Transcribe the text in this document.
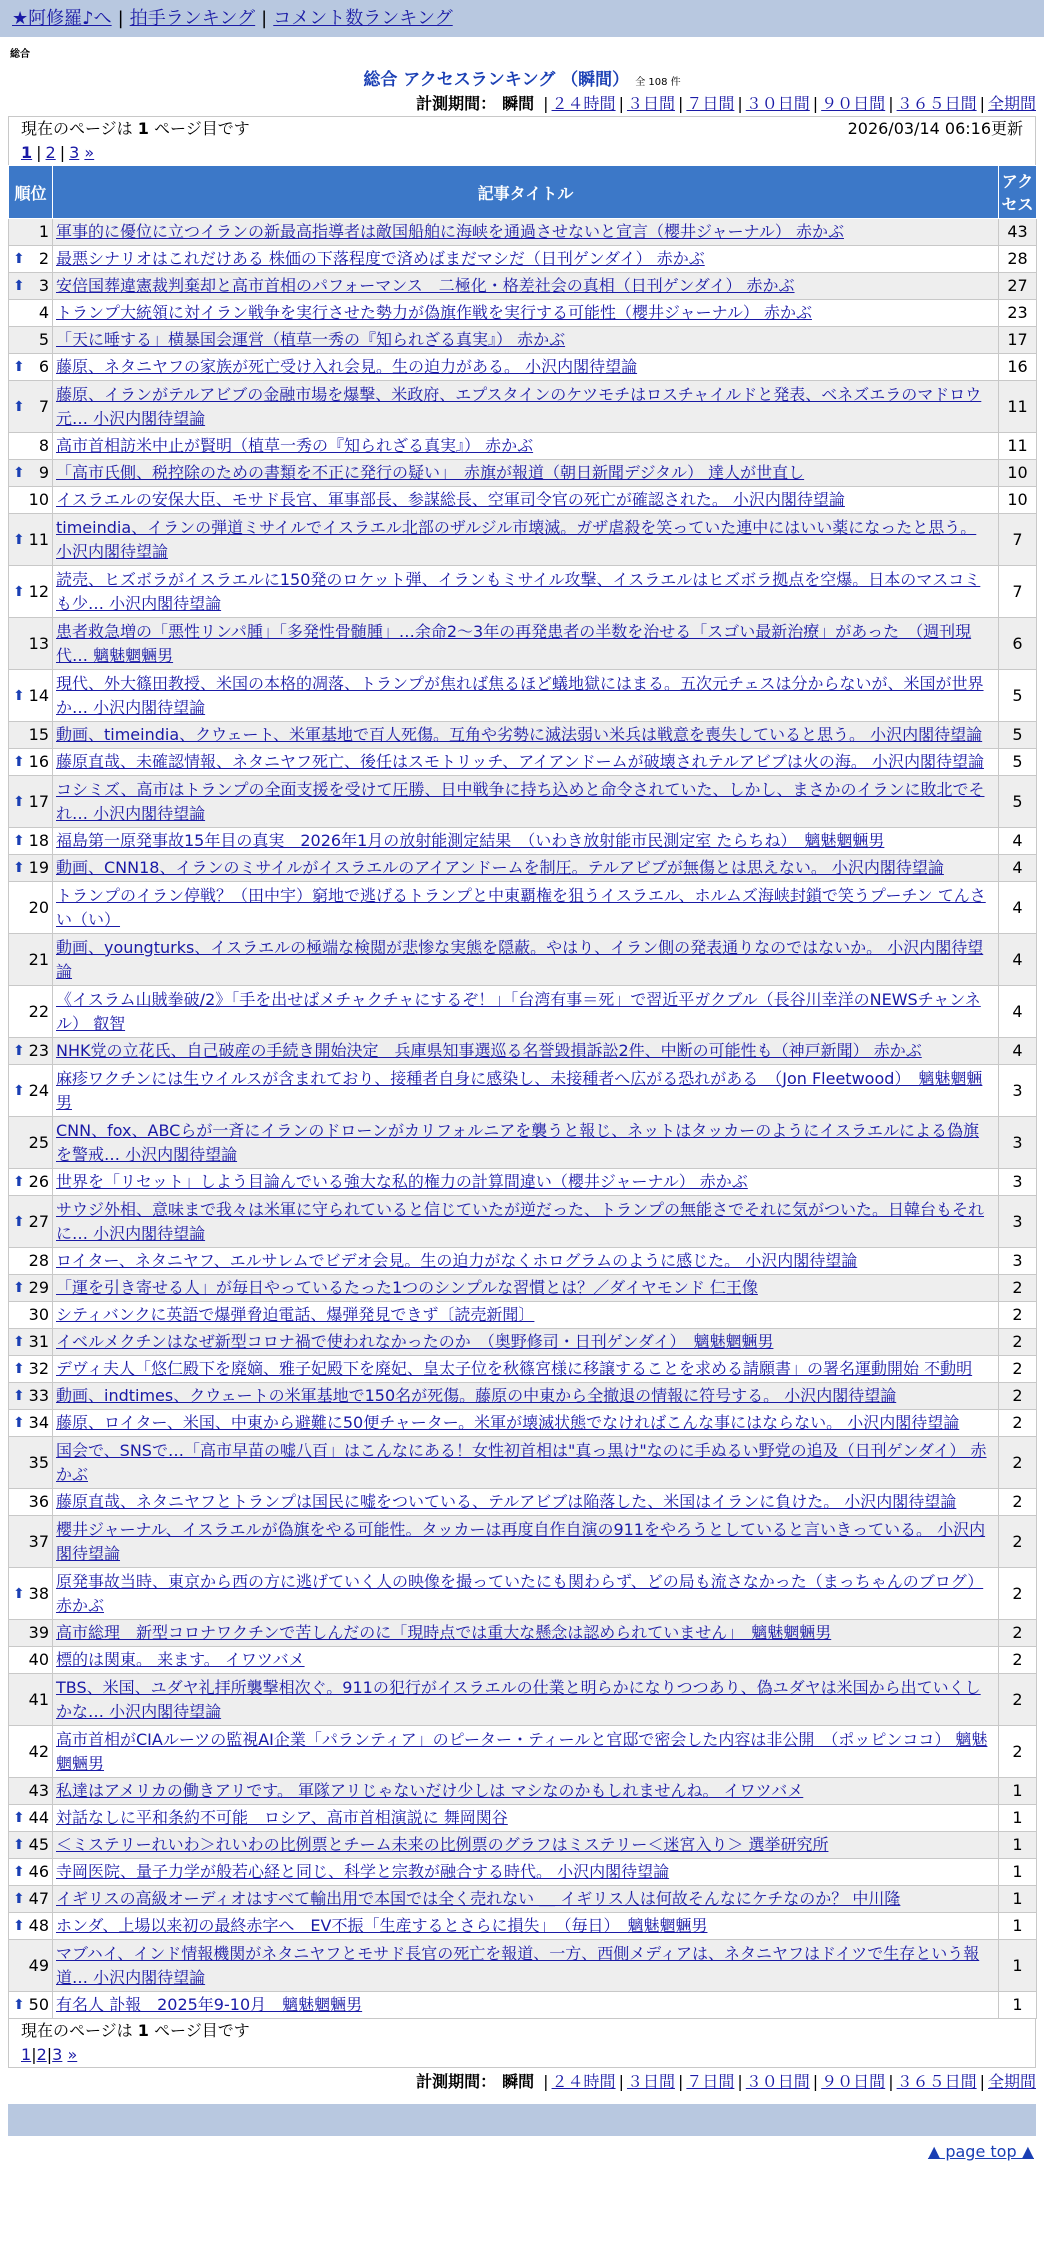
★阿修羅♪へ | 拍手ランキング | コメント数ランキング
総合
総合 アクセスランキング （瞬間） 全 108 件
計測期間： 瞬間 | ２４時間 | ３日間 | ７日間 | ３０日間 | ９０日間 | ３６５日間 | 全期間
現在のページは 1 ページ目です	2026/03/14 06:16更新
1 | 2 | 3 »
順位	記事タイトル	アクセス
1	軍事的に優位に立つイランの新最高指導者は敵国船舶に海峡を通過させないと宣言（櫻井ジャーナル） 赤かぶ	43

⬆ 2	最悪シナリオはこれだけある 株価の下落程度で済めばまだマシだ（日刊ゲンダイ） 赤かぶ	28

⬆ 3	安倍国葬違憲裁判棄却と高市首相のパフォーマンス　二極化・格差社会の真相（日刊ゲンダイ） 赤かぶ	27
4	トランプ大統領に対イラン戦争を実行させた勢力が偽旗作戦を実行する可能性（櫻井ジャーナル） 赤かぶ	23
5	「天に唾する」横暴国会運営（植草一秀の『知られざる真実』） 赤かぶ	17

⬆ 6	藤原、ネタニヤフの家族が死亡受け入れ会見。生の迫力がある。 小沢内閣待望論	16

⬆ 7	藤原、イランがテルアビブの金融市場を爆撃、米政府、エプスタインのケツモチはロスチャイルドと発表、ベネズエラのマドロウ元… 小沢内閣待望論	11
8	高市首相訪米中止が賢明（植草一秀の『知られざる真実』） 赤かぶ	11

⬆ 9	「高市氏側、税控除のための書類を不正に発行の疑い」　赤旗が報道（朝日新聞デジタル） 達人が世直し	10
10	イスラエルの安保大臣、モサド長官、軍事部長、参謀総長、空軍司令官の死亡が確認された。 小沢内閣待望論	10

⬆ 11	timeindia、イランの弾道ミサイルでイスラエル北部のザルジル市壊滅。ガザ虐殺を笑っていた連中にはいい薬になったと思う。 小沢内閣待望論	7

⬆ 12	読売、ヒズボラがイスラエルに150発のロケット弾、イランもミサイル攻撃、イスラエルはヒズボラ拠点を空爆。日本のマスコミも少… 小沢内閣待望論	7
13	患者救急増の「悪性リンパ腫」「多発性骨髄腫」…余命2〜3年の再発患者の半数を治せる「スゴい最新治療」があった　（週刊現代… 魑魅魍魎男	6

⬆ 14	現代、外大篠田教授、米国の本格的凋落、トランプが焦れば焦るほど蟻地獄にはまる。五次元チェスは分からないが、米国が世界か… 小沢内閣待望論	5
15	動画、timeindia、クウェート、米軍基地で百人死傷。互角や劣勢に滅法弱い米兵は戦意を喪失していると思う。 小沢内閣待望論	5

⬆ 16	藤原直哉、未確認情報、ネタニヤフ死亡、後任はスモトリッチ、アイアンドームが破壊されテルアビブは火の海。 小沢内閣待望論	5

⬆ 17	コシミズ、高市はトランプの全面支援を受けて圧勝、日中戦争に持ち込めと命令されていた、しかし、まさかのイランに敗北でそれ… 小沢内閣待望論	5

⬆ 18	福島第一原発事故15年目の真実　2026年1月の放射能測定結果　（いわき放射能市民測定室 たらちね）　魑魅魍魎男	4

⬆ 19	動画、CNN18、イランのミサイルがイスラエルのアイアンドームを制圧。テルアビブが無傷とは思えない。 小沢内閣待望論	4
20	トランプのイラン停戦？（田中宇）窮地で逃げるトランプと中東覇権を狙うイスラエル、ホルムズ海峡封鎖で笑うプーチン てんさい（い）	4
21	動画、youngturks、イスラエルの極端な検閲が悲惨な実態を隠蔽。やはり、イラン側の発表通りなのではないか。 小沢内閣待望論	4
22	《イスラム山賊拳破/2》「手を出せばメチャクチャにするぞ！」「台湾有事＝死」で習近平ガクブル（長谷川幸洋のNEWSチャンネル） 叡智	4

⬆ 23	NHK党の立花氏、自己破産の手続き開始決定　兵庫県知事選巡る名誉毀損訴訟2件、中断の可能性も（神戸新聞） 赤かぶ	4

⬆ 24	麻疹ワクチンには生ウイルスが含まれており、接種者自身に感染し、未接種者へ広がる恐れがある　（Jon Fleetwood）　魑魅魍魎男	3
25	CNN、fox、ABCらが一斉にイランのドローンがカリフォルニアを襲うと報じ、ネットはタッカーのようにイスラエルによる偽旗を警戒… 小沢内閣待望論	3

⬆ 26	世界を「リセット」しよう目論んでいる強大な私的権力の計算間違い（櫻井ジャーナル） 赤かぶ	3

⬆ 27	サウジ外相、意味まで我々は米軍に守られていると信じていたが逆だった、トランプの無能さでそれに気がついた。日韓台もそれに… 小沢内閣待望論	3
28	ロイター、ネタニヤフ、エルサレムでビデオ会見。生の迫力がなくホログラムのように感じた。 小沢内閣待望論	3

⬆ 29	「運を引き寄せる人」が毎日やっているたった1つのシンプルな習慣とは？／ダイヤモンド 仁王像	2
30	シティバンクに英語で爆弾脅迫電話、爆弾発見できず〔読売新聞〕	2

⬆ 31	イベルメクチンはなぜ新型コロナ禍で使われなかったのか　（奥野修司・日刊ゲンダイ）　魑魅魍魎男	2

⬆ 32	デヴィ夫人「悠仁殿下を廃嫡、雅子妃殿下を廃妃、皇太子位を秋篠宮様に移譲することを求める請願書」の署名運動開始 不動明	2

⬆ 33	動画、indtimes、クウェートの米軍基地で150名が死傷。藤原の中東から全撤退の情報に符号する。 小沢内閣待望論	2

⬆ 34	藤原、ロイター、米国、中東から避難に50便チャーター。米軍が壊滅状態でなければこんな事にはならない。 小沢内閣待望論	2
35	国会で、SNSで…「高市早苗の嘘八百」はこんなにある！女性初首相は"真っ黒け"なのに手ぬるい野党の追及（日刊ゲンダイ） 赤かぶ	2
36	藤原直哉、ネタニヤフとトランプは国民に嘘をついている、テルアビブは陥落した、米国はイランに負けた。 小沢内閣待望論	2
37	櫻井ジャーナル、イスラエルが偽旗をやる可能性。タッカーは再度自作自演の911をやろうとしていると言いきっている。 小沢内閣待望論	2

⬆ 38	原発事故当時、東京から西の方に逃げていく人の映像を撮っていたにも関わらず、どの局も流さなかった（まっちゃんのブログ） 赤かぶ	2
39	高市総理　新型コロナワクチンで苦しんだのに「現時点では重大な懸念は認められていません」　魑魅魍魎男	2
40	標的は関東。 来ます。 イワツバメ	2
41	TBS、米国、ユダヤ礼拝所襲撃相次ぐ。911の犯行がイスラエルの仕業と明らかになりつつあり、偽ユダヤは米国から出ていくしかな… 小沢内閣待望論	2
42	高市首相がCIAルーツの監視AI企業「パランティア」のピーター・ティールと官邸で密会した内容は非公開　（ポッピンココ） 魑魅魍魎男	2
43	私達はアメリカの働きアリです。 軍隊アリじゃないだけ少しは マシなのかもしれませんね。 イワツバメ	1

⬆ 44	対話なしに平和条約不可能　ロシア、高市首相演説に 舞岡関谷	1

⬆ 45	＜ミステリーれいわ＞れいわの比例票とチーム未来の比例票のグラフはミステリー＜迷宮入り＞ 選挙研究所	1

⬆ 46	寺岡医院、量子力学が般若心経と同じ、科学と宗教が融合する時代。 小沢内閣待望論	1

⬆ 47	イギリスの高級オーディオはすべて輸出用で本国では全く売れない ＿ イギリス人は何故そんなにケチなのか？ 中川隆	1

⬆ 48	ホンダ、上場以来初の最終赤字へ　EV不振「生産するとさらに損失」　（毎日）　魑魅魍魎男	1
49	マブハイ、インド情報機関がネタニヤフとモサド長官の死亡を報道、一方、西側メディアは、ネタニヤフはドイツで生存という報道… 小沢内閣待望論	1

⬆ 50	有名人 訃報　2025年9-10月　魑魅魍魎男	1
現在のページは 1 ページ目です
1|2|3 »
計測期間： 瞬間 | ２４時間 | ３日間 | ７日間 | ３０日間 | ９０日間 | ３６５日間 | 全期間
▲ page top ▲
